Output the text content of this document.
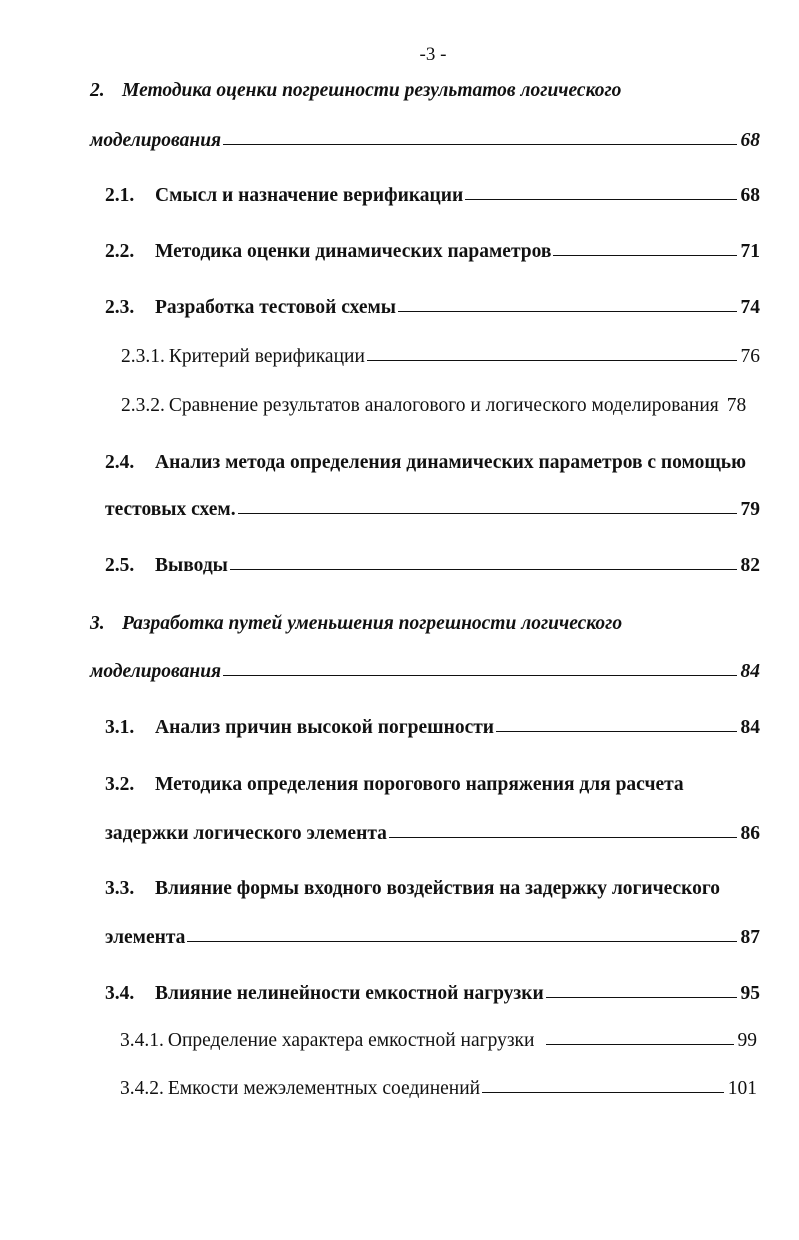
-3 -
2. Методика оценки погрешности результатов логического
моделирования	68
2.1.	Смысл и назначение верификации	68
2.2.	Методика оценки динамических параметров	71
2.3.	Разработка тестовой схемы	74
2.3.1. Критерий верификации	76
2.3.2. Сравнение результатов аналогового и логического моделирования 78
2.4.	Анализ метода определения динамических параметров с помощью
тестовых схем.	79
2.5.	Выводы	82
3. Разработка путей уменьшения погрешности логического
моделирования	84
3.1.	Анализ причин высокой погрешности	84
3.2.	Методика определения порогового напряжения для расчета
задержки логического элемента	86
3.3.	Влияние формы входного воздействия на задержку логического
элемента	87
3.4.	Влияние нелинейности емкостной нагрузки	95
3.4.1. Определение характера емкостной нагрузки	99
3.4.2. Емкости межэлементных соединений	101
